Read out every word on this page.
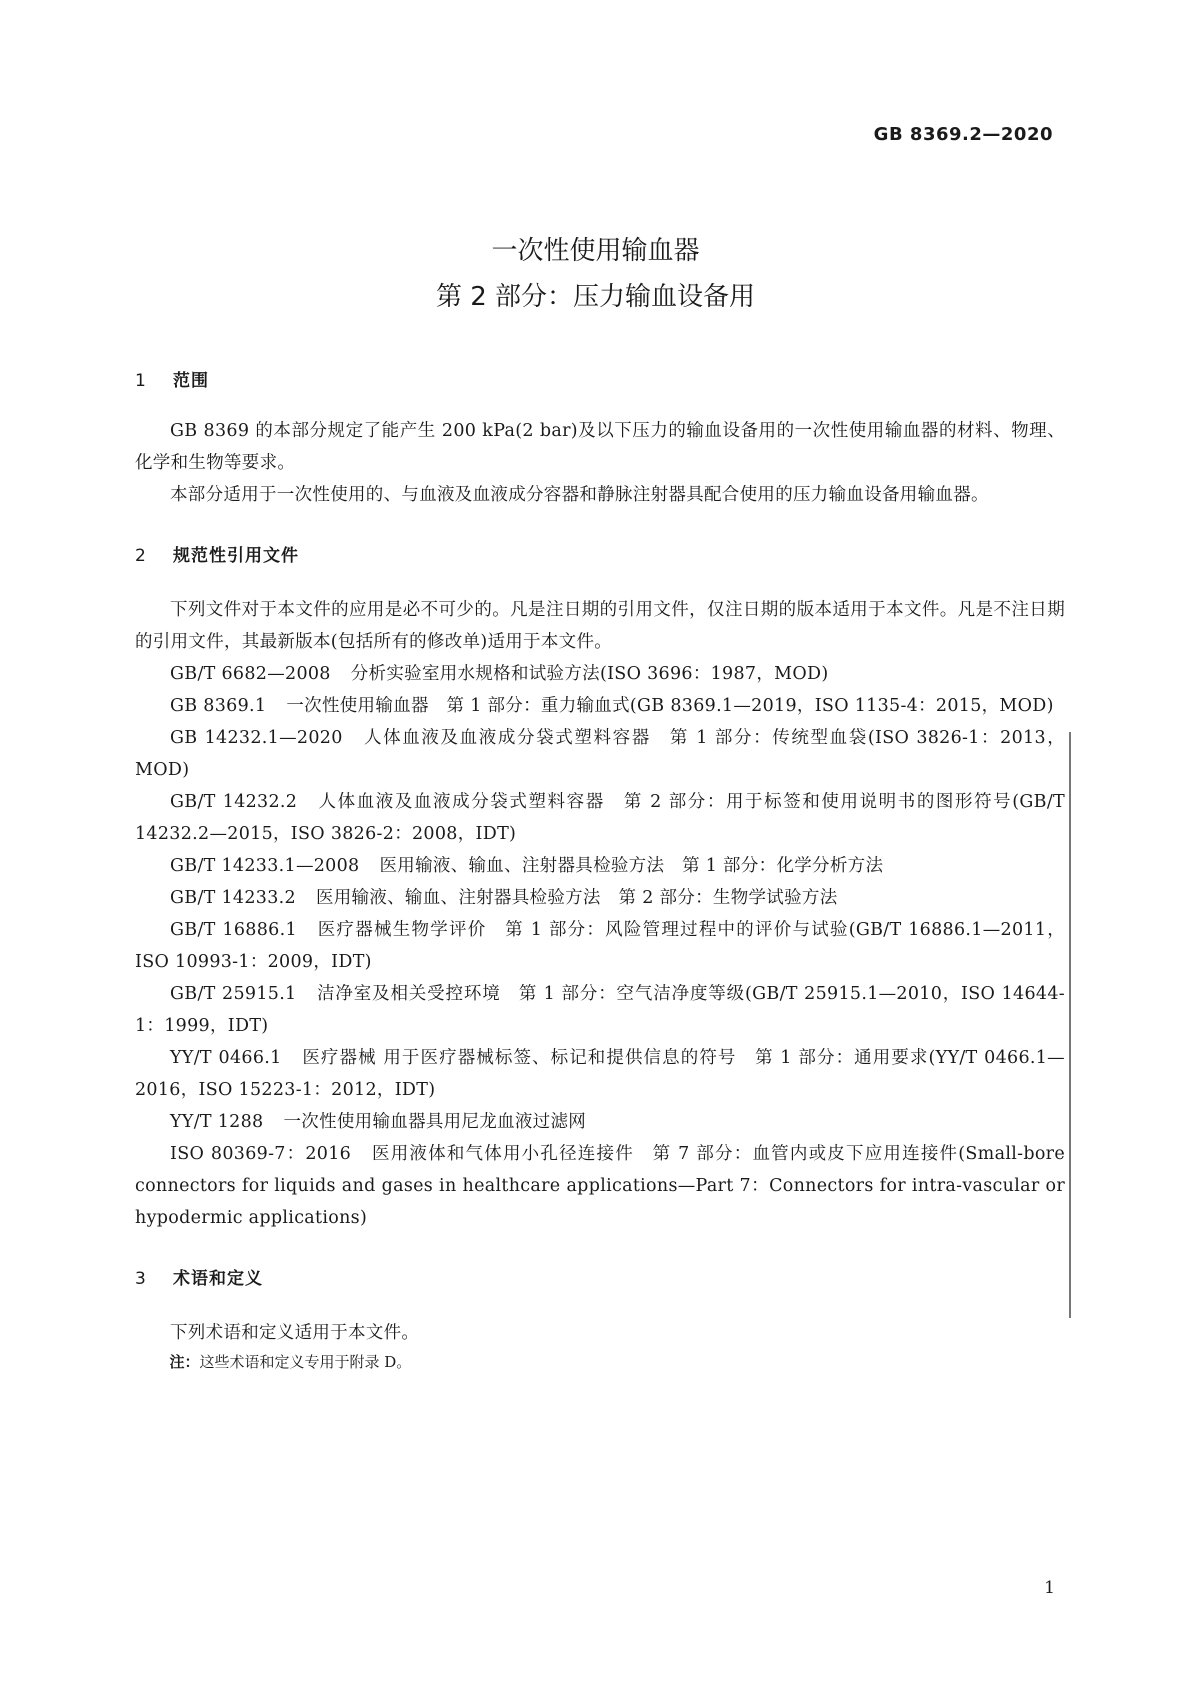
GB 8369.2—2020
一次性使用输血器
第 2 部分：压力输血设备用
1 范围

GB 8369 的本部分规定了能产生 200 kPa(2 bar)及以下压力的输血设备用的一次性使用输血器的材料、物理、化学和生物等要求。

本部分适用于一次性使用的、与血液及血液成分容器和静脉注射器具配合使用的压力输血设备用输血器。

2 规范性引用文件

下列文件对于本文件的应用是必不可少的。凡是注日期的引用文件，仅注日期的版本适用于本文件。凡是不注日期的引用文件，其最新版本(包括所有的修改单)适用于本文件。

GB/T 6682—2008 分析实验室用水规格和试验方法(ISO 3696：1987，MOD)

GB 8369.1 一次性使用输血器　第 1 部分：重力输血式(GB 8369.1—2019，ISO 1135-4：2015，MOD)

GB 14232.1—2020 人体血液及血液成分袋式塑料容器　第 1 部分：传统型血袋(ISO 3826-1：2013，MOD)

GB/T 14232.2 人体血液及血液成分袋式塑料容器　第 2 部分：用于标签和使用说明书的图形符号(GB/T 14232.2—2015，ISO 3826-2：2008，IDT)

GB/T 14233.1—2008 医用输液、输血、注射器具检验方法　第 1 部分：化学分析方法

GB/T 14233.2 医用输液、输血、注射器具检验方法　第 2 部分：生物学试验方法

GB/T 16886.1 医疗器械生物学评价　第 1 部分：风险管理过程中的评价与试验(GB/T 16886.1—2011，ISO 10993-1：2009，IDT)

GB/T 25915.1 洁净室及相关受控环境　第 1 部分：空气洁净度等级(GB/T 25915.1—2010，ISO 14644-1：1999，IDT)

YY/T 0466.1 医疗器械 用于医疗器械标签、标记和提供信息的符号　第 1 部分：通用要求(YY/T 0466.1—2016，ISO 15223-1：2012，IDT)

YY/T 1288 一次性使用输血器具用尼龙血液过滤网

ISO 80369-7：2016 医用液体和气体用小孔径连接件　第 7 部分：血管内或皮下应用连接件(Small-bore connectors for liquids and gases in healthcare applications—Part 7：Connectors for intra-vascular or hypodermic applications)

3 术语和定义

下列术语和定义适用于本文件。

注：这些术语和定义专用于附录 D。

1
